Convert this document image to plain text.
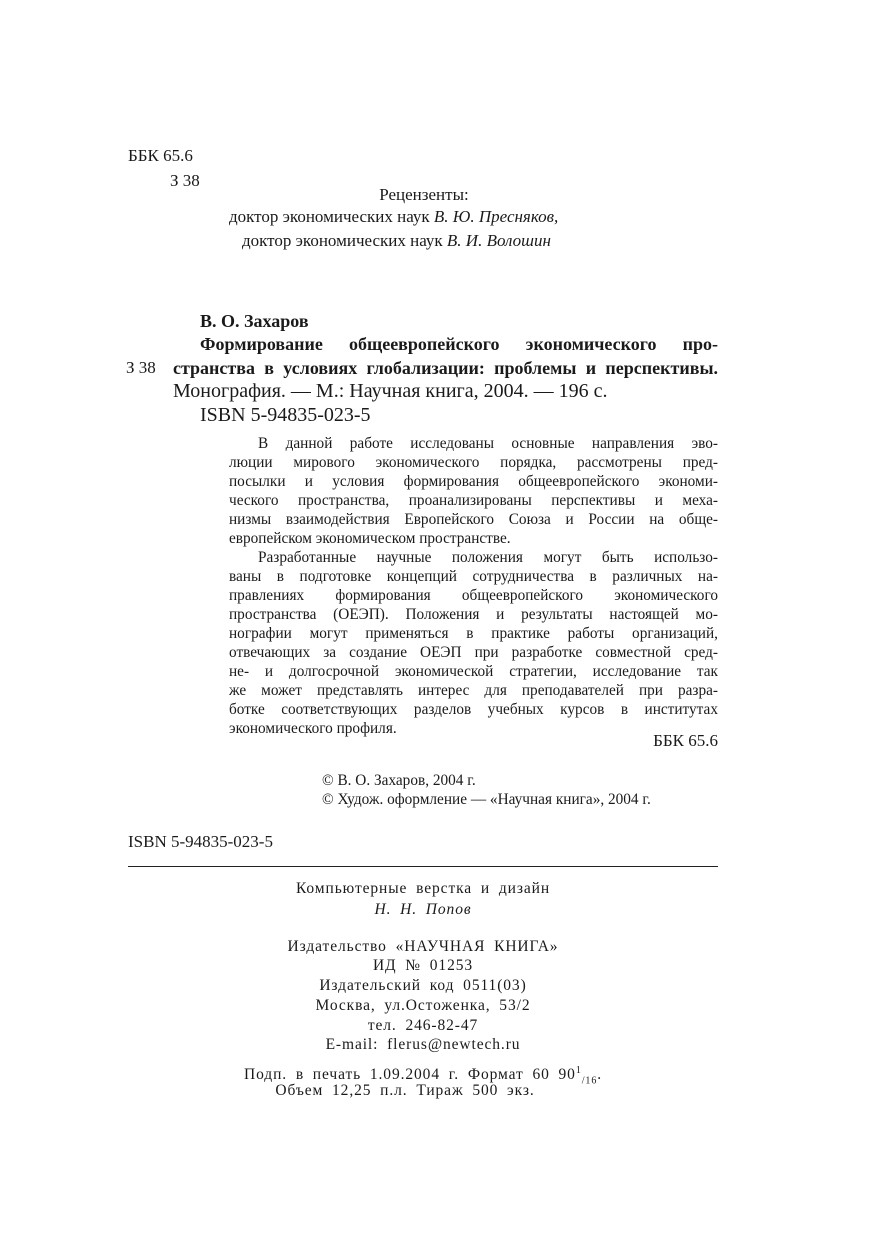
ББК 65.6
З 38
Рецензенты:
доктор экономических наук В. Ю. Пресняков,
доктор экономических наук В. И. Волошин
В. О. Захаров
Формирование общеевропейского экономического про-
З 38 странства в условиях глобализации: проблемы и перспективы.
Монография. — М.: Научная книга, 2004. — 196 с.
ISBN 5-94835-023-5
В данной работе исследованы основные направления эво-
люции мирового экономического порядка, рассмотрены пред-
посылки и условия формирования общеевропейского экономи-
ческого пространства, проанализированы перспективы и меха-
низмы взаимодействия Европейского Союза и России на обще-
европейском экономическом пространстве.
Разработанные научные положения могут быть использо-
ваны в подготовке концепций сотрудничества в различных на-
правлениях формирования общеевропейского экономического
пространства (ОЕЭП). Положения и результаты настоящей мо-
нографии могут применяться в практике работы организаций,
отвечающих за создание ОЕЭП при разработке совместной сред-
не- и долгосрочной экономической стратегии, исследование так
же может представлять интерес для преподавателей при разра-
ботке соответствующих разделов учебных курсов в институтах
экономического профиля.
ББК 65.6
© В. О. Захаров, 2004 г.
© Худож. оформление — «Научная книга», 2004 г.
ISBN 5-94835-023-5
Компьютерные верстка и дизайн
Н. Н. Попов
Издательство «НАУЧНАЯ КНИГА»
ИД № 01253
Издательский код 0511(03)
Москва, ул.Остоженка, 53/2
тел. 246-82-47
E-mail: flerus@newtech.ru
Подп. в печать 1.09.2004 г. Формат 60 $90^1_{/16}$.
Объем 12,25 п.л. Тираж 500 экз.
